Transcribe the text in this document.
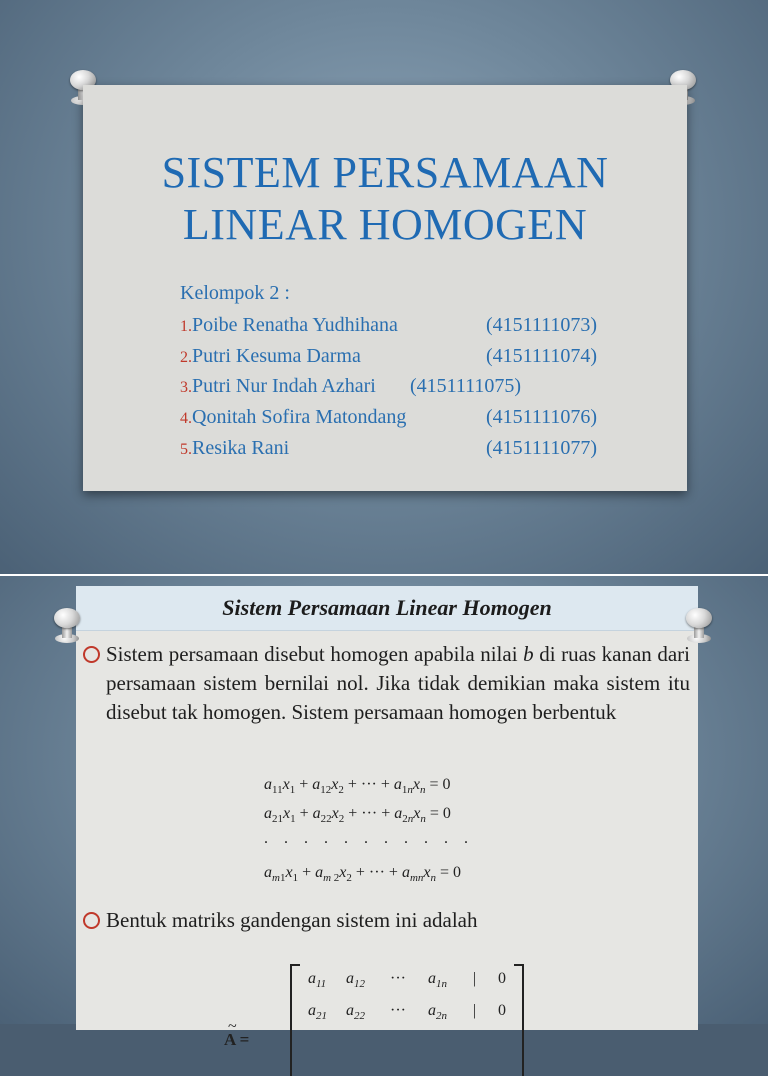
SISTEM PERSAMAAN
LINEAR HOMOGEN
Kelompok 2 :
1.Poibe Renatha Yudhihana	(4151111073)
2.Putri Kesuma Darma	(4151111074)
3.Putri Nur Indah Azhari (4151111075)
4.Qonitah Sofira Matondang	(4151111076)
5.Resika Rani	(4151111077)

Sistem persamaan disebut homogen apabila nilai b di ruas kanan dari persamaan sistem bernilai nol. Jika tidak demikian maka sistem itu disebut tak homogen. Sistem persamaan homogen berbentuk

$a_{11}x_1 + a_{12}x_2$ + ··· + $a_{1n}x_n = 0$
$a_{21}x_1 + a_{22}x_2$ + ··· + $a_{2n}x_n = 0$
. . . . . . . . . . .
$a_{m1}x_1 + a_{m 2}x_2$ + ··· + $a_{mn}x_n = 0$
Bentuk matriks gandengan sistem ini adalah
~
A =
$a_{11}$ $a_{12}$ ··· $a_{1n}$ | 0
$a_{21}$ $a_{22}$ ··· $a_{2n}$ | 0
Sistem Persamaan Linear Homogen
